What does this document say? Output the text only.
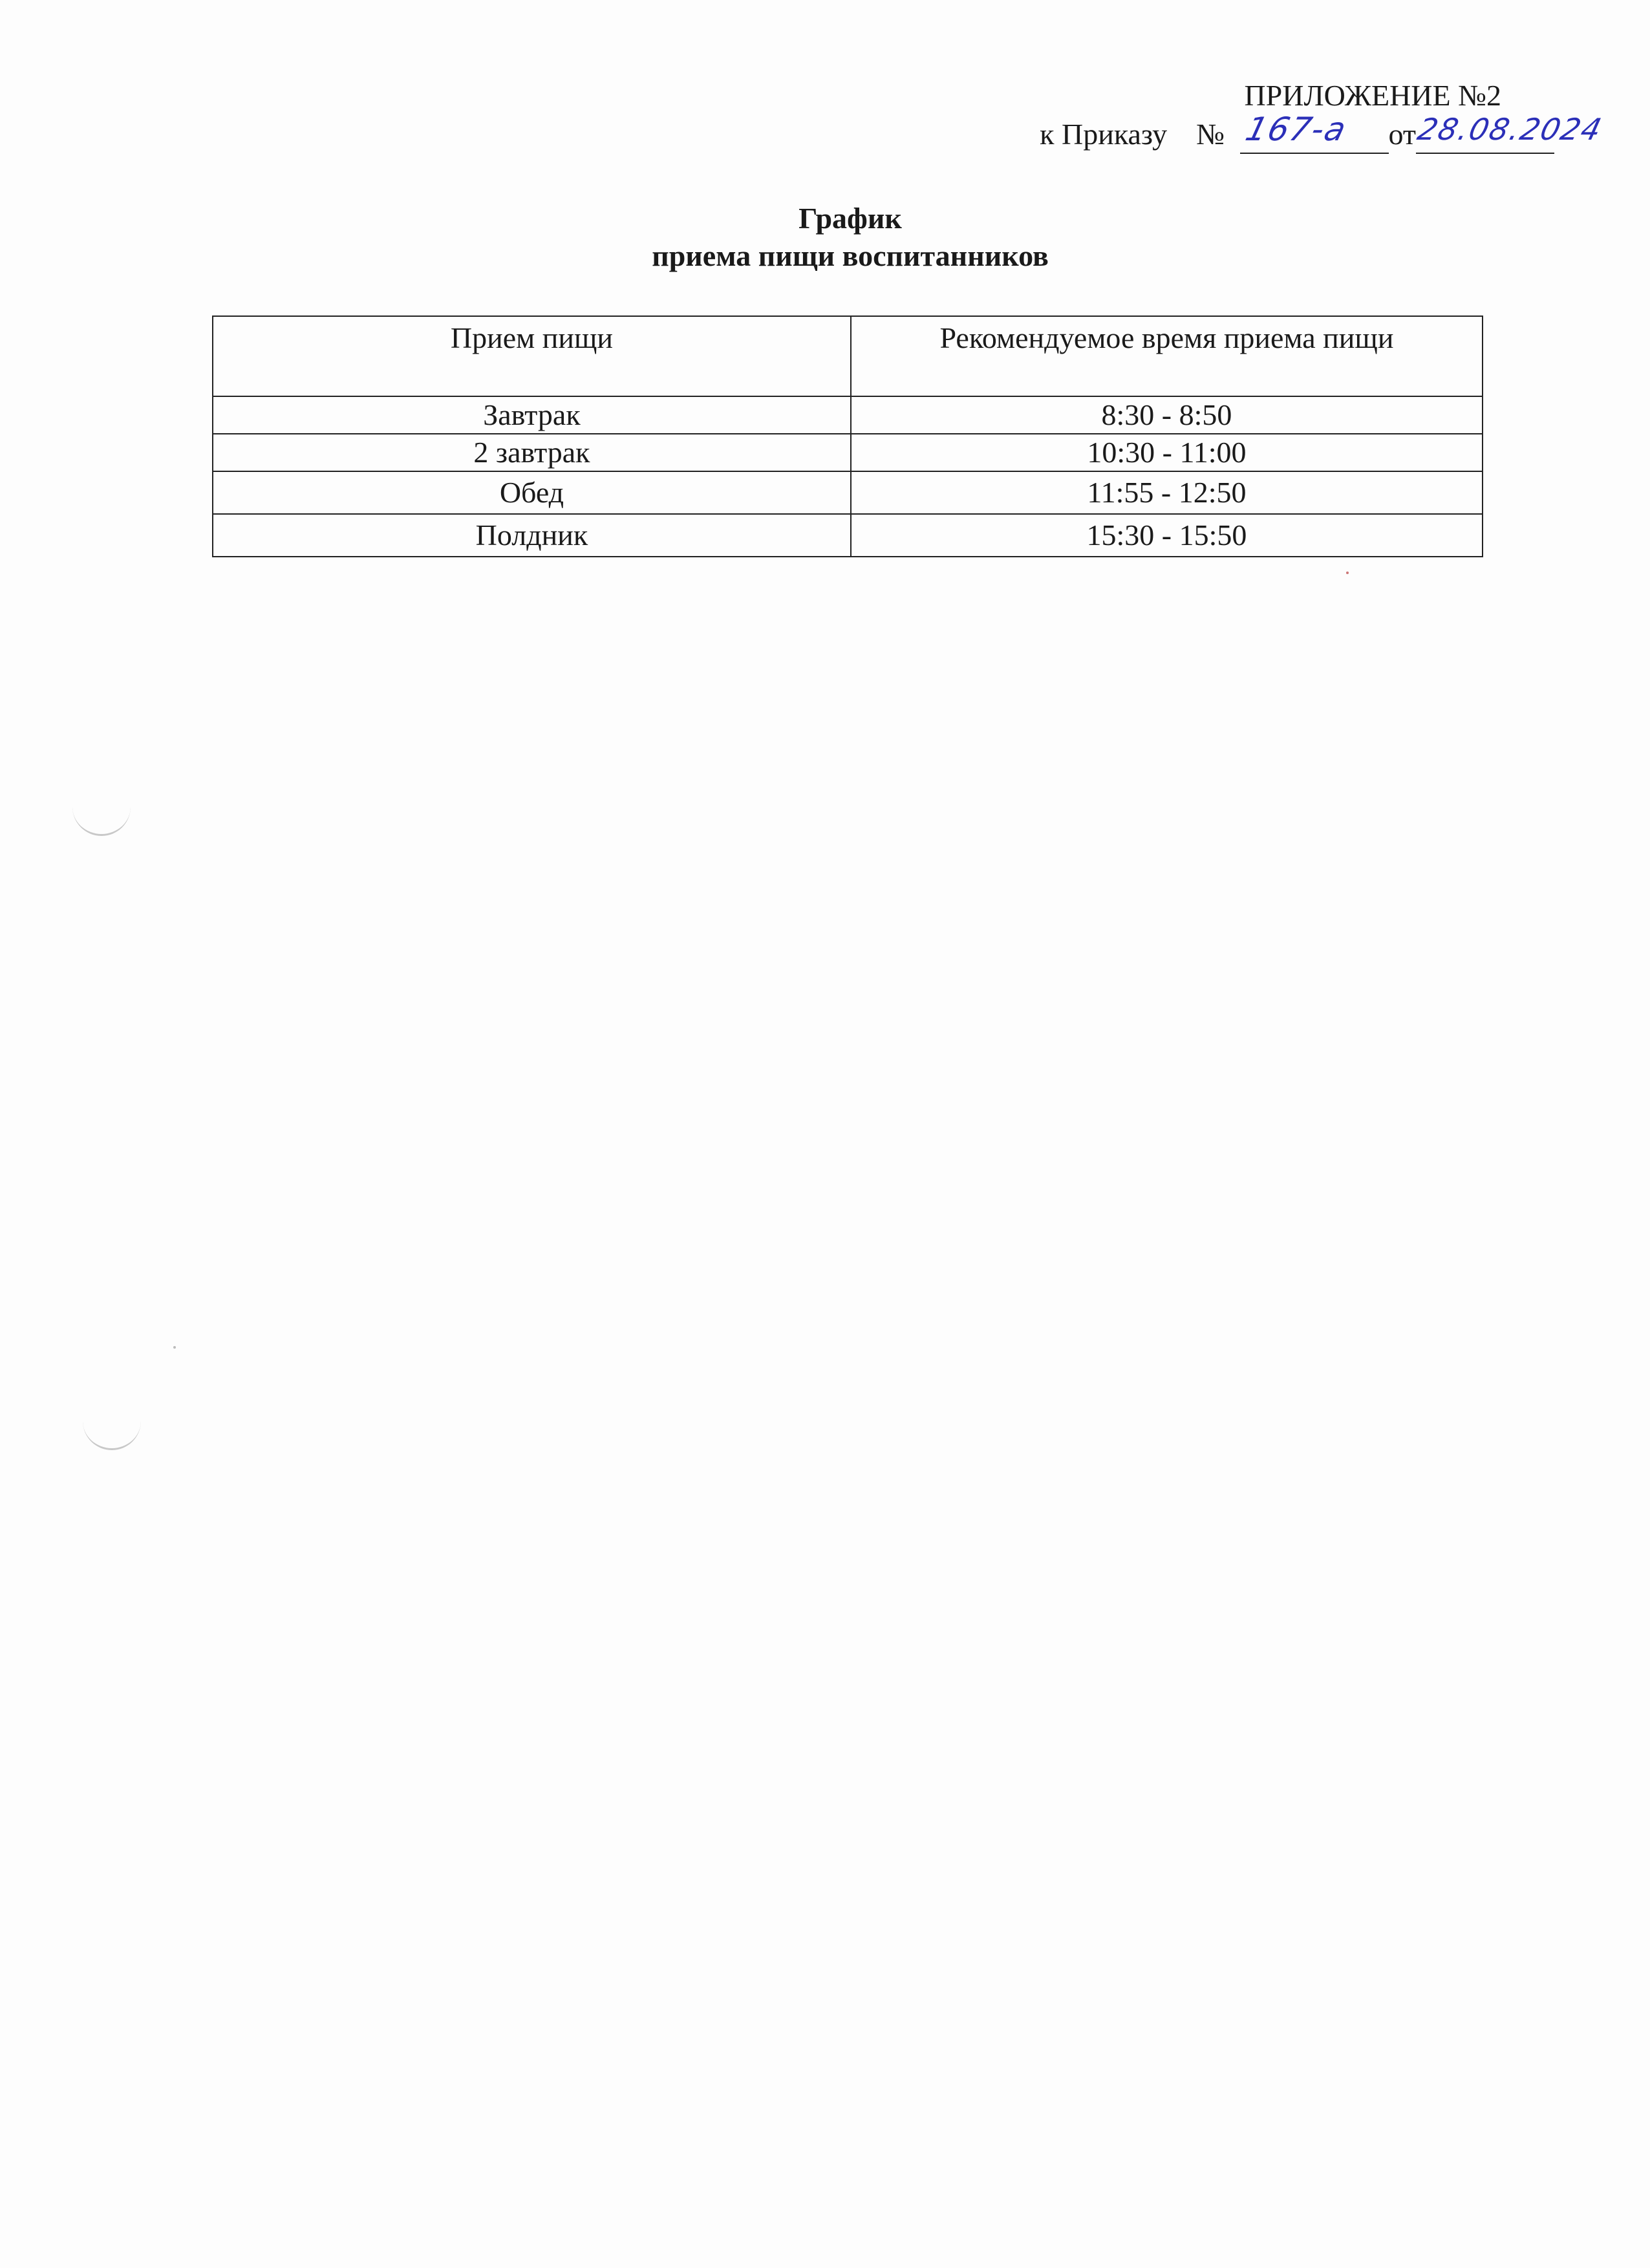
ПРИЛОЖЕНИЕ №2
к Приказу № 167-а от
28.08.2024
График
приема пищи воспитанников
Прием пищи	Рекомендуемое время приема пищи
Завтрак	8:30 - 8:50
2 завтрак	10:30 - 11:00
Обед	11:55 - 12:50
Полдник	15:30 - 15:50
